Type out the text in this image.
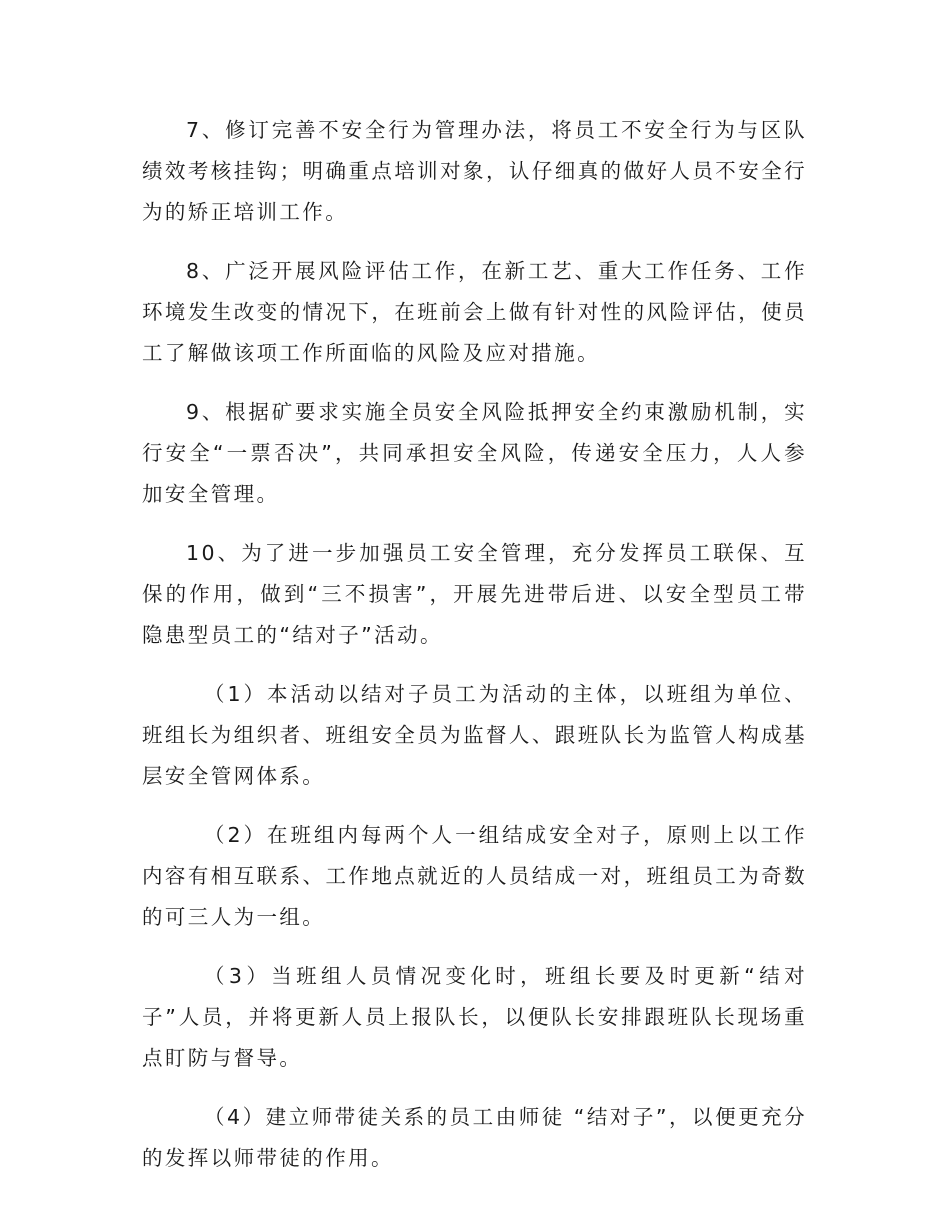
7、修订完善不安全行为管理办法，将员工不安全行为与区队绩效考核挂钩；明确重点培训对象，认仔细真的做好人员不安全行为的矫正培训工作。

8、广泛开展风险评估工作，在新工艺、重大工作任务、工作环境发生改变的情况下，在班前会上做有针对性的风险评估，使员工了解做该项工作所面临的风险及应对措施。

9、根据矿要求实施全员安全风险抵押安全约束激励机制，实行安全“一票否决”，共同承担安全风险，传递安全压力，人人参加安全管理。

10、为了进一步加强员工安全管理，充分发挥员工联保、互保的作用，做到“三不损害”，开展先进带后进、以安全型员工带隐患型员工的“结对子”活动。

（1）本活动以结对子员工为活动的主体，以班组为单位、班组长为组织者、班组安全员为监督人、跟班队长为监管人构成基层安全管网体系。

（2）在班组内每两个人一组结成安全对子，原则上以工作内容有相互联系、工作地点就近的人员结成一对，班组员工为奇数的可三人为一组。

（3）当班组人员情况变化时，班组长要及时更新“结对子”人员，并将更新人员上报队长，以便队长安排跟班队长现场重点盯防与督导。

（4）建立师带徒关系的员工由师徒 “结对子”，以便更充分的发挥以师带徒的作用。
